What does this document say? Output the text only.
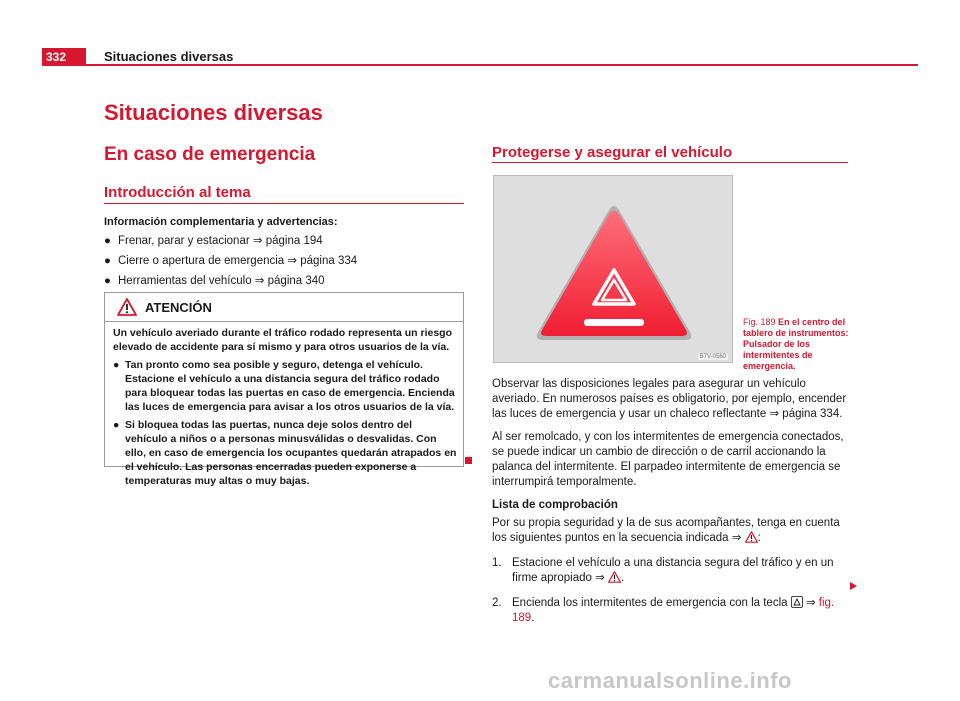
332	Situaciones diversas
Situaciones diversas
En caso de emergencia
Introducción al tema
Información complementaria y advertencias:
● Frenar, parar y estacionar ⇒ página 194
● Cierre o apertura de emergencia ⇒ página 334
● Herramientas del vehículo ⇒ página 340
ATENCIÓN

Un vehículo averiado durante el tráfico rodado representa un riesgo elevado de accidente para sí mismo y para otros usuarios de la vía.

● Tan pronto como sea posible y seguro, detenga el vehículo. Estacione el vehículo a una distancia segura del tráfico rodado para bloquear todas las puertas en caso de emergencia. Encienda las luces de emergencia para avisar a los otros usuarios de la vía.

● Si bloquea todas las puertas, nunca deje solos dentro del vehículo a niños o a personas minusválidas o desvalidas. Con ello, en caso de emergencia los ocupantes quedarán atrapados en el vehículo. Las personas encerradas pueden exponerse a temperaturas muy altas o muy bajas.

Protegerse y asegurar el vehículo
B7V-0560
Fig. 189 En el centro del tablero de instrumentos: Pulsador de los intermitentes de emergencia.

Observar las disposiciones legales para asegurar un vehículo averiado. En numerosos países es obligatorio, por ejemplo, encender las luces de emergencia y usar un chaleco reflectante ⇒ página 334.

Al ser remolcado, y con los intermitentes de emergencia conectados, se puede indicar un cambio de dirección o de carril accionando la palanca del intermitente. El parpadeo intermitente de emergencia se interrumpirá temporalmente.

Lista de comprobación

Por su propia seguridad y la de sus acompañantes, tenga en cuenta los siguientes puntos en la secuencia indicada ⇒ :

1. Estacione el vehículo a una distancia segura del tráfico y en un firme apropiado ⇒ .
2. Encienda los intermitentes de emergencia con la tecla ⇒ fig. 189.
carmanualsonline.info
